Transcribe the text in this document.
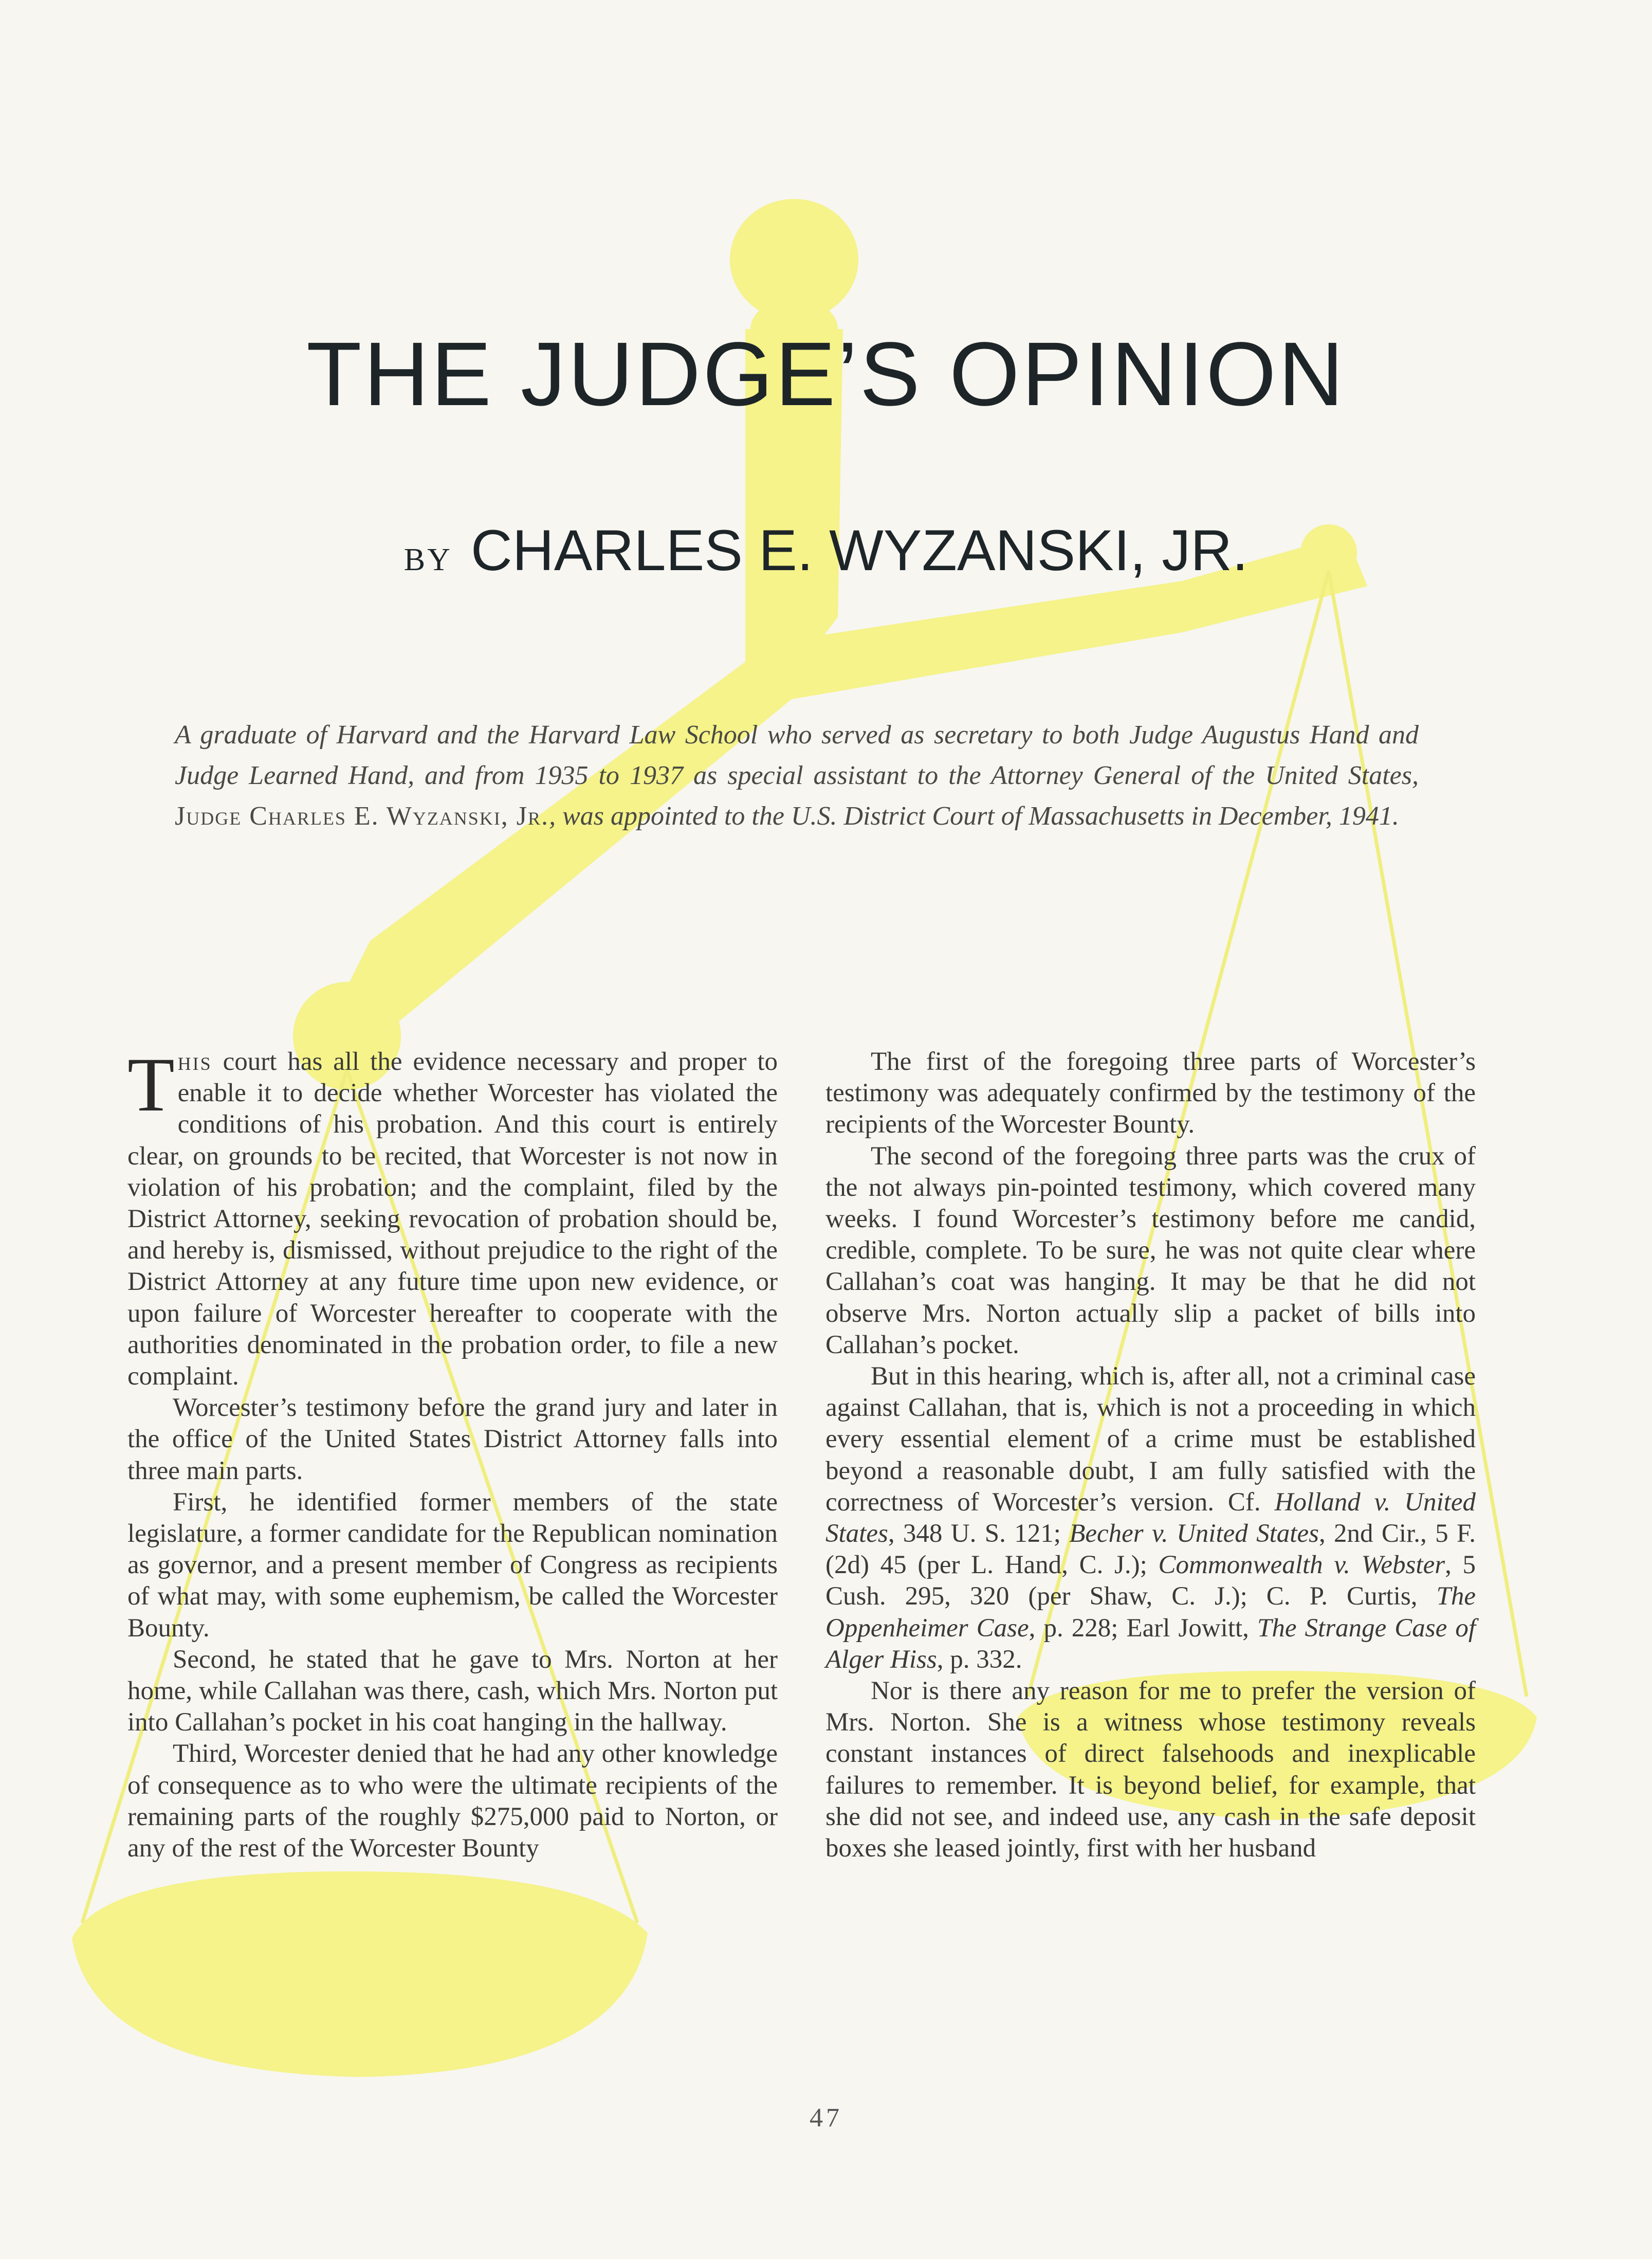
THE JUDGE’S OPINION
BY CHARLES E. WYZANSKI, JR.
A graduate of Harvard and the Harvard Law School who served as secretary to both Judge Augustus Hand and Judge Learned Hand, and from 1935 to 1937 as special assistant to the Attorney General of the United States, Judge Charles E. Wyzanski, Jr., was appointed to the U.S. District Court of Massachusetts in December, 1941.

This court has all the evidence necessary and proper to enable it to decide whether Worcester has violated the conditions of his probation. And this court is entirely clear, on grounds to be recited, that Worcester is not now in violation of his probation; and the complaint, filed by the District Attorney, seeking revocation of probation should be, and hereby is, dismissed, without prejudice to the right of the District Attorney at any future time upon new evidence, or upon failure of Worcester hereafter to cooperate with the authorities denominated in the probation order, to file a new complaint.

Worcester’s testimony before the grand jury and later in the office of the United States District Attorney falls into three main parts.

First, he identified former members of the state legislature, a former candidate for the Republican nomination as governor, and a present member of Congress as recipients of what may, with some euphemism, be called the Worcester Bounty.

Second, he stated that he gave to Mrs. Norton at her home, while Callahan was there, cash, which Mrs. Norton put into Callahan’s pocket in his coat hanging in the hallway.

Third, Worcester denied that he had any other knowledge of consequence as to who were the ultimate recipients of the remaining parts of the roughly $275,000 paid to Norton, or any of the rest of the Worcester Bounty

The first of the foregoing three parts of Worcester’s testimony was adequately confirmed by the testimony of the recipients of the Worcester Bounty.

The second of the foregoing three parts was the crux of the not always pin-pointed testimony, which covered many weeks. I found Worcester’s testimony before me candid, credible, complete. To be sure, he was not quite clear where Callahan’s coat was hanging. It may be that he did not observe Mrs. Norton actually slip a packet of bills into Callahan’s pocket.

But in this hearing, which is, after all, not a criminal case against Callahan, that is, which is not a proceeding in which every essential element of a crime must be established beyond a reasonable doubt, I am fully satisfied with the correctness of Worcester’s version. Cf. Holland v. United States, 348 U. S. 121; Becher v. United States, 2nd Cir., 5 F. (2d) 45 (per L. Hand, C. J.); Commonwealth v. Webster, 5 Cush. 295, 320 (per Shaw, C. J.); C. P. Curtis, The Oppenheimer Case, p. 228; Earl Jowitt, The Strange Case of Alger Hiss, p. 332.

Nor is there any reason for me to prefer the version of Mrs. Norton. She is a witness whose testimony reveals constant instances of direct falsehoods and inexplicable failures to remember. It is beyond belief, for example, that she did not see, and indeed use, any cash in the safe deposit boxes she leased jointly, first with her husband

47
